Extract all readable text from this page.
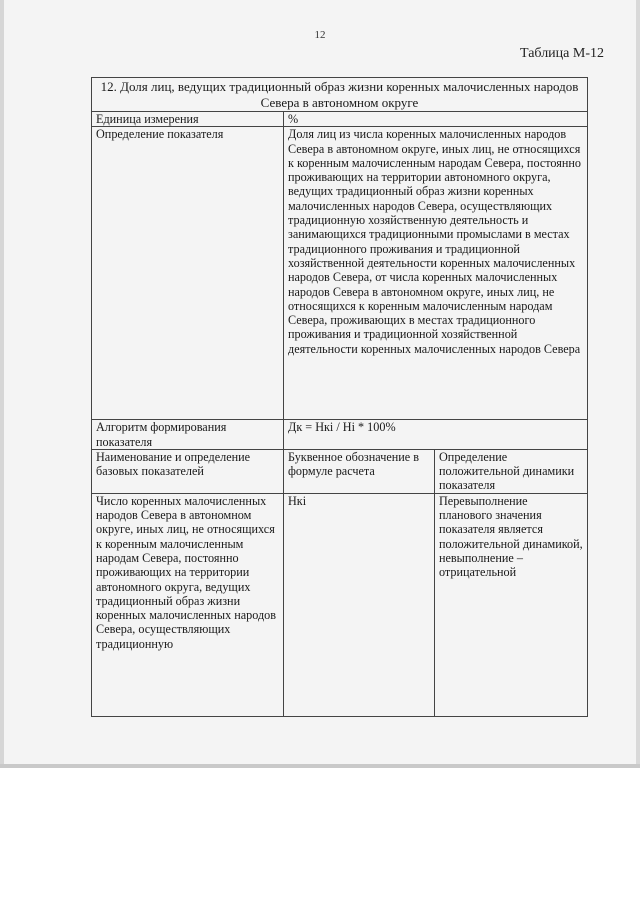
12
Таблица М-12
12. Доля лиц, ведущих традиционный образ жизни коренных малочисленных народов Севера в автономном округе		
Единица измерения	%	
Определение показателя	Доля лиц из числа коренных малочисленных народов Севера в автономном округе, иных лиц, не относящихся к коренным малочисленным народам Севера, постоянно проживающих на территории автономного округа, ведущих традиционный образ жизни коренных малочисленных народов Севера, осуществляющих традиционную хозяйственную деятельность и занимающихся традиционными промыслами в местах традиционного проживания и традиционной хозяйственной деятельности коренных малочисленных народов Севера, от числа коренных малочисленных народов Севера в автономном округе, иных лиц, не относящихся к коренным малочисленным народам Севера, проживающих в местах традиционного проживания и традиционной хозяйственной деятельности коренных малочисленных народов Севера	
Алгоритм формирования показателя	Дк = Нкi / Нi * 100%	
Наименование и определение базовых показателей	Буквенное обозначение в формуле расчета	Определение положительной динамики показателя
Число коренных малочисленных народов Севера в автономном округе, иных лиц, не относящихся к коренным малочисленным народам Севера, постоянно проживающих на территории автономного округа, ведущих традиционный образ жизни коренных малочисленных народов Севера, осуществляющих традиционную	Нкi	Перевыполнение планового значения показателя является положительной динамикой, невыполнение – отрицательной
